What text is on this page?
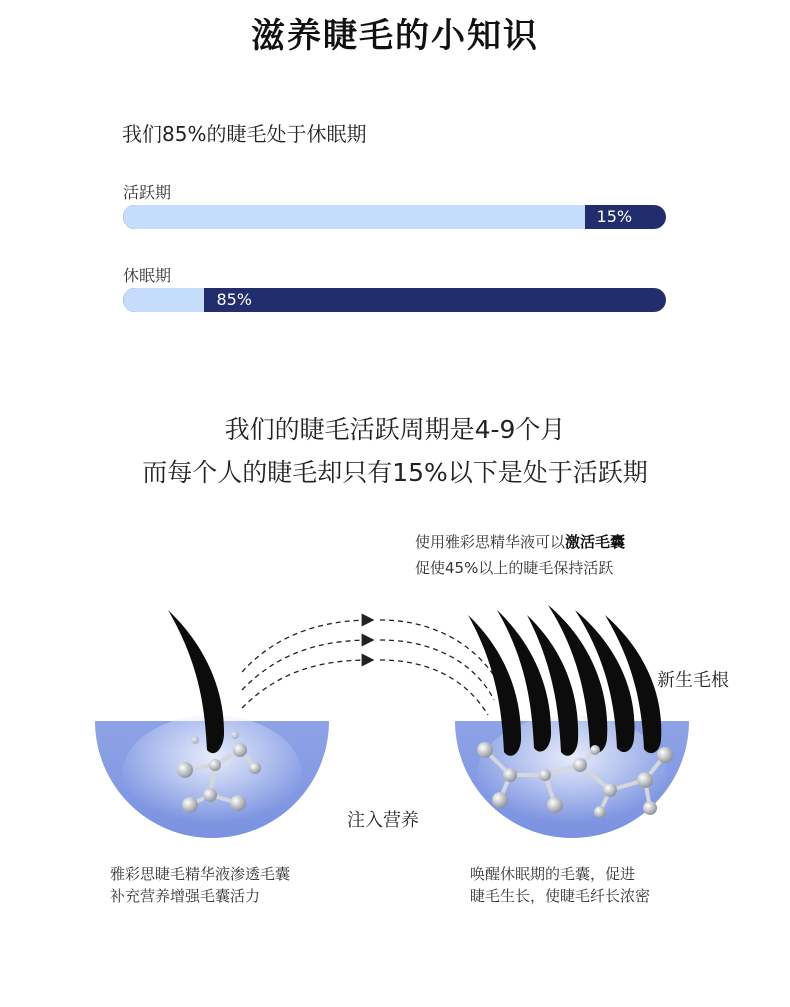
滋养睫毛的小知识
我们85%的睫毛处于休眠期
活跃期
15%
休眠期
85%
我们的睫毛活跃周期是4-9个月
而每个人的睫毛却只有15%以下是处于活跃期
使用雅彩思精华液可以激活毛囊
促使45%以上的睫毛保持活跃
新生毛根
注入营养
雅彩思睫毛精华液渗透毛囊
补充营养增强毛囊活力
唤醒休眠期的毛囊，促进
睫毛生长，使睫毛纤长浓密
